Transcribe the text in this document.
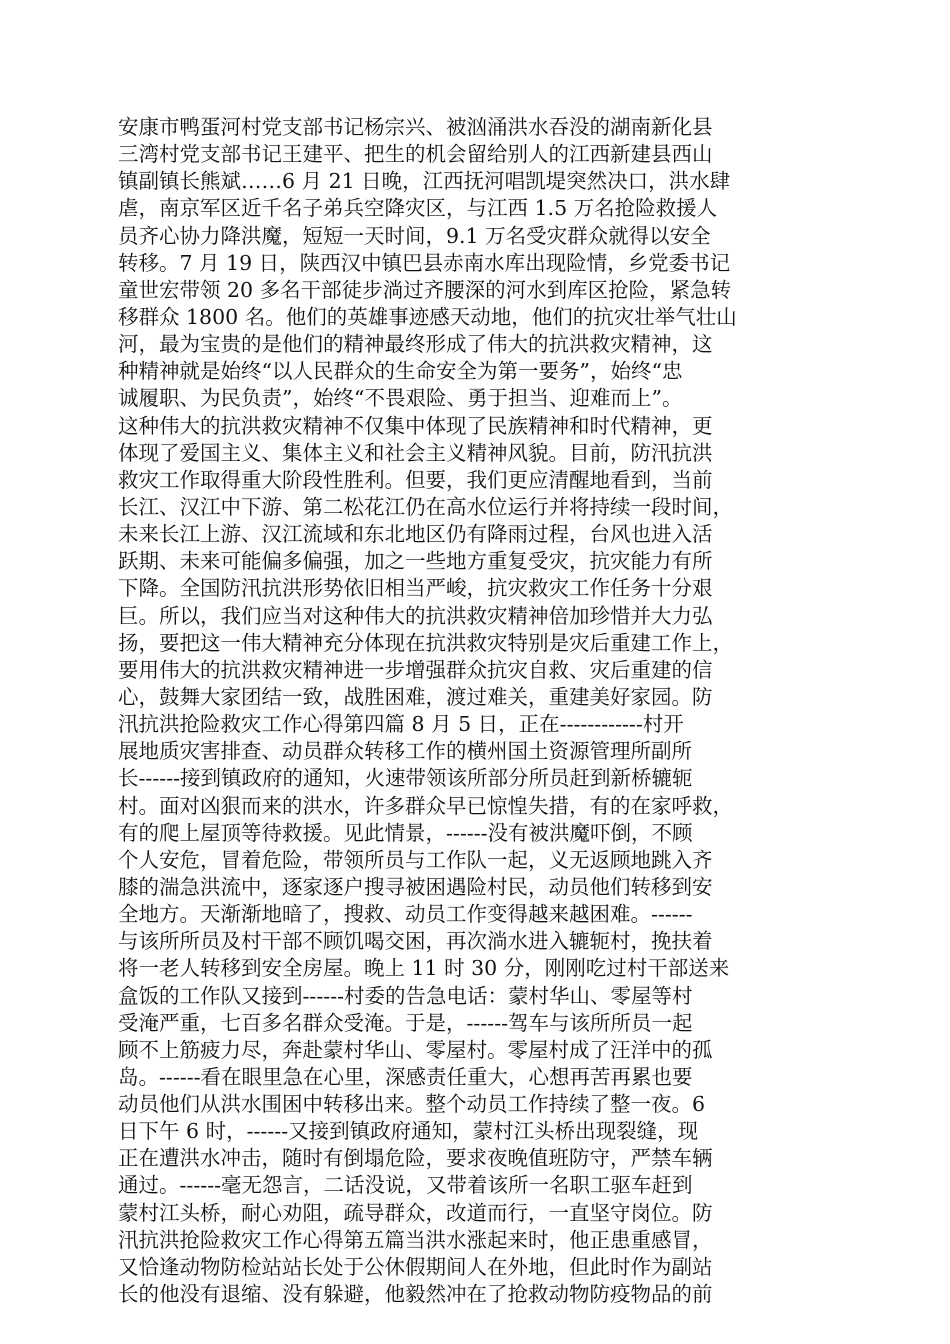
安康市鸭蛋河村党支部书记杨宗兴、被汹涌洪水吞没的湖南新化县
三湾村党支部书记王建平、把生的机会留给别人的江西新建县西山
镇副镇长熊斌……6 月 21 日晚，江西抚河唱凯堤突然决口，洪水肆
虐，南京军区近千名子弟兵空降灾区，与江西 1.5 万名抢险救援人
员齐心协力降洪魔，短短一天时间，9.1 万名受灾群众就得以安全
转移。7 月 19 日，陕西汉中镇巴县赤南水库出现险情，乡党委书记
童世宏带领 20 多名干部徒步淌过齐腰深的河水到库区抢险，紧急转
移群众 1800 名。他们的英雄事迹感天动地，他们的抗灾壮举气壮山
河，最为宝贵的是他们的精神最终形成了伟大的抗洪救灾精神，这
种精神就是始终“以人民群众的生命安全为第一要务”，始终“忠
诚履职、为民负责”，始终“不畏艰险、勇于担当、迎难而上”。
这种伟大的抗洪救灾精神不仅集中体现了民族精神和时代精神，更
体现了爱国主义、集体主义和社会主义精神风貌。目前，防汛抗洪
救灾工作取得重大阶段性胜利。但要，我们更应清醒地看到，当前
长江、汉江中下游、第二松花江仍在高水位运行并将持续一段时间，
未来长江上游、汉江流域和东北地区仍有降雨过程，台风也进入活
跃期、未来可能偏多偏强，加之一些地方重复受灾，抗灾能力有所
下降。全国防汛抗洪形势依旧相当严峻，抗灾救灾工作任务十分艰
巨。所以，我们应当对这种伟大的抗洪救灾精神倍加珍惜并大力弘
扬，要把这一伟大精神充分体现在抗洪救灾特别是灾后重建工作上，
要用伟大的抗洪救灾精神进一步增强群众抗灾自救、灾后重建的信
心，鼓舞大家团结一致，战胜困难，渡过难关，重建美好家园。防
汛抗洪抢险救灾工作心得第四篇 8 月 5 日，正在------------村开
展地质灾害排查、动员群众转移工作的横州国土资源管理所副所
长------接到镇政府的通知，火速带领该所部分所员赶到新桥辘轭
村。面对凶狠而来的洪水，许多群众早已惊惶失措，有的在家呼救，
有的爬上屋顶等待救援。见此情景，------没有被洪魔吓倒，不顾
个人安危，冒着危险，带领所员与工作队一起，义无返顾地跳入齐
膝的湍急洪流中，逐家逐户搜寻被困遇险村民，动员他们转移到安
全地方。天渐渐地暗了，搜救、动员工作变得越来越困难。------
与该所所员及村干部不顾饥喝交困，再次淌水进入辘轭村，挽扶着
将一老人转移到安全房屋。晚上 11 时 30 分，刚刚吃过村干部送来
盒饭的工作队又接到------村委的告急电话：蒙村华山、零屋等村
受淹严重，七百多名群众受淹。于是，------驾车与该所所员一起
顾不上筋疲力尽，奔赴蒙村华山、零屋村。零屋村成了汪洋中的孤
岛。------看在眼里急在心里，深感责任重大，心想再苦再累也要
动员他们从洪水围困中转移出来。整个动员工作持续了整一夜。6
日下午 6 时，------又接到镇政府通知，蒙村江头桥出现裂缝，现
正在遭洪水冲击，随时有倒塌危险，要求夜晚值班防守，严禁车辆
通过。------毫无怨言，二话没说，又带着该所一名职工驱车赶到
蒙村江头桥，耐心劝阻，疏导群众，改道而行，一直坚守岗位。防
汛抗洪抢险救灾工作心得第五篇当洪水涨起来时，他正患重感冒，
又恰逢动物防检站站长处于公休假期间人在外地，但此时作为副站
长的他没有退缩、没有躲避，他毅然冲在了抢救动物防疫物品的前
